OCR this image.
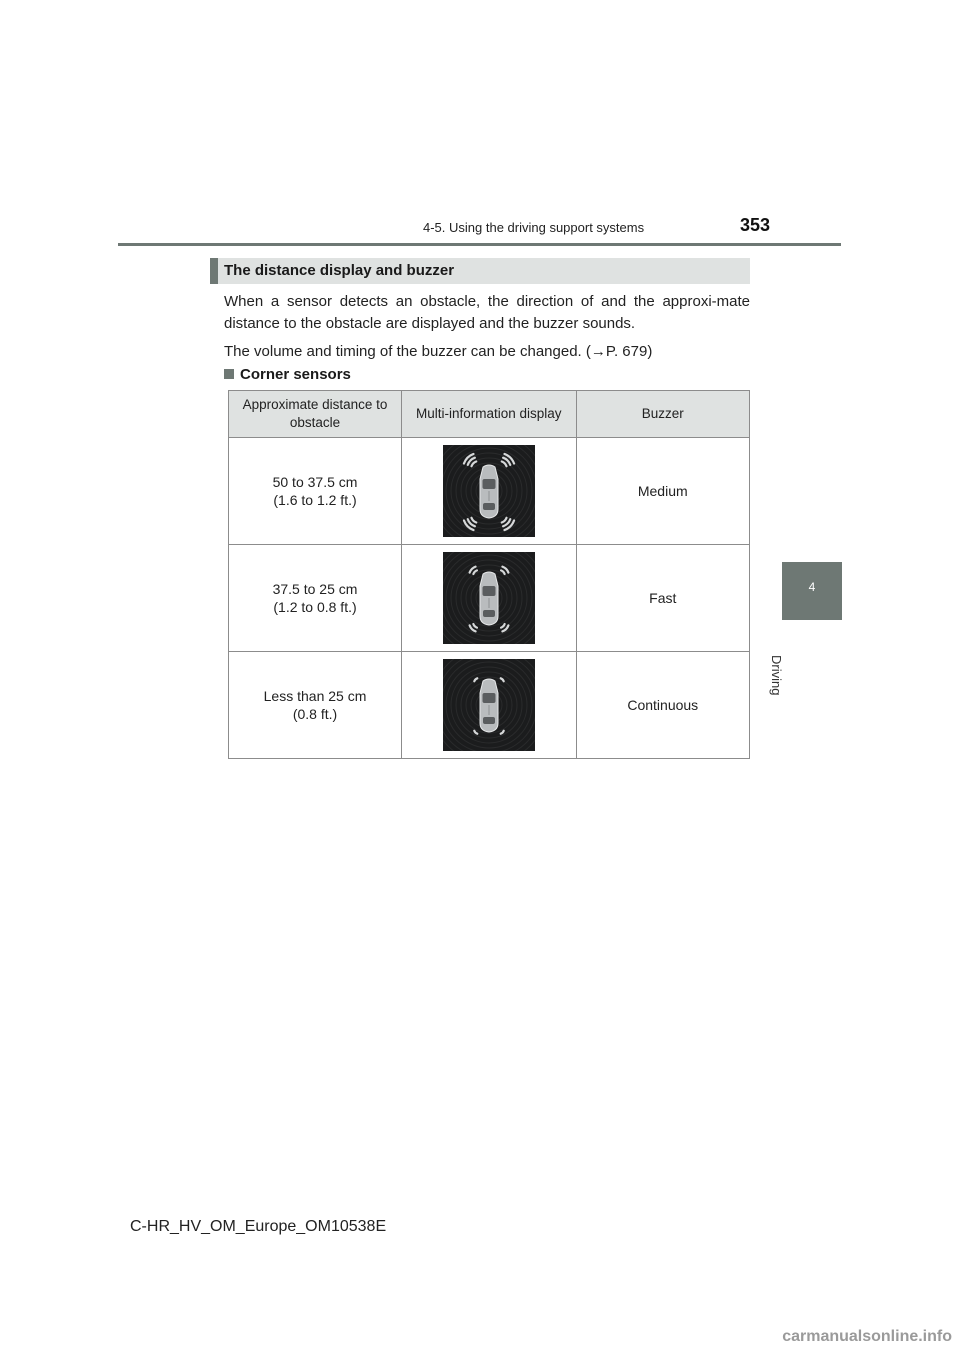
4-5. Using the driving support systems	353
4
Driving
The distance display and buzzer
When a sensor detects an obstacle, the direction of and the approxi-mate distance to the obstacle are displayed and the buzzer sounds.
The volume and timing of the buzzer can be changed. (→P. 679)
Corner sensors
Approximate distance to obstacle	Multi-information display	Buzzer

50 to 37.5 cm
(1.6 to 1.2 ft.)		Medium

37.5 to 25 cm
(1.2 to 0.8 ft.)		Fast

Less than 25 cm
(0.8 ft.)		Continuous
C-HR_HV_OM_Europe_OM10538E
carmanualsonline.info
